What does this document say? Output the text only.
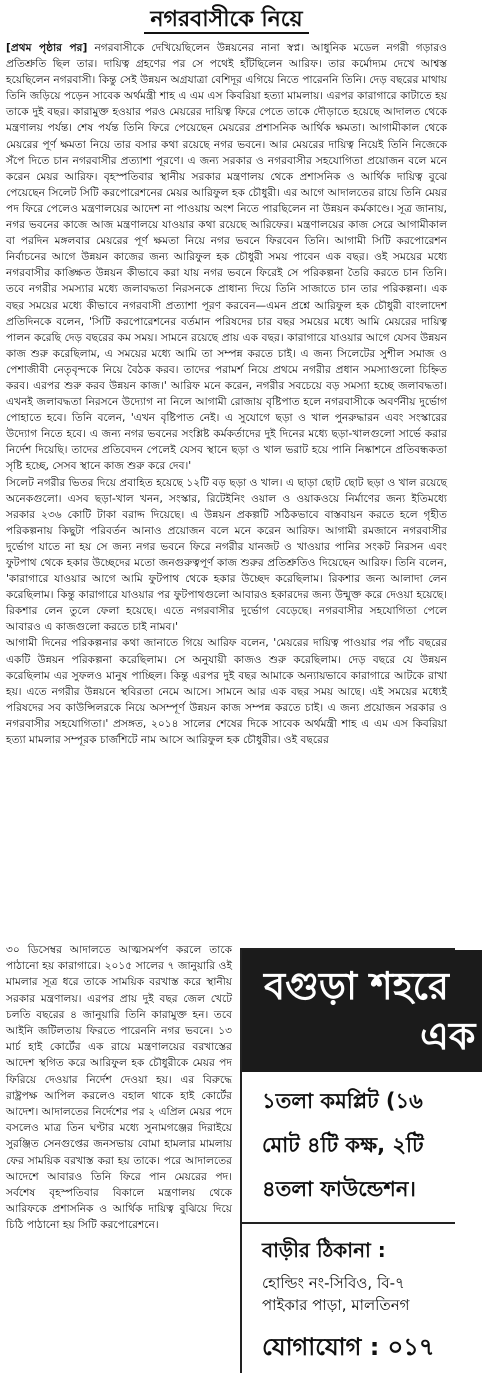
নগরবাসীকে নিয়ে

[প্রথম পৃষ্ঠার পর] নগরবাসীকে দেখিয়েছিলেন উন্নয়নের নানা স্বপ্ন। আধুনিক মডেল নগরী গড়ারও প্রতিশ্রুতি ছিল তার। দায়িত্ব গ্রহণের পর সে পথেই হাঁটছিলেন আরিফ। তার কর্মোদ্যম দেখে আশ্বস্ত হয়েছিলেন নগরবাসী। কিন্তু সেই উন্নয়ন অগ্রযাত্রা বেশিদূর এগিয়ে নিতে পারেননি তিনি। দেড় বছরের মাথায় তিনি জড়িয়ে পড়েন সাবেক অর্থমন্ত্রী শাহ এ এম এস কিবরিয়া হত্যা মামলায়। এরপর কারাগারে কাটাতে হয় তাকে দুই বছর। কারামুক্ত হওয়ার পরও মেয়রের দায়িত্ব ফিরে পেতে তাকে দৌড়াতে হয়েছে আদালত থেকে মন্ত্রণালয় পর্যন্ত। শেষ পর্যন্ত তিনি ফিরে পেয়েছেন মেয়রের প্রশাসনিক আর্থিক ক্ষমতা। আগামীকাল থেকে মেয়রের পূর্ণ ক্ষমতা নিয়ে তার বসার কথা রয়েছে নগর ভবনে। আর মেয়রের দায়িত্ব নিয়েই তিনি নিজেকে সঁপে দিতে চান নগরবাসীর প্রত্যাশা পূরণে। এ জন্য সরকার ও নগরবাসীর সহযোগিতা প্রয়োজন বলে মনে করেন মেয়র আরিফ। বৃহস্পতিবার স্থানীয় সরকার মন্ত্রণালয় থেকে প্রশাসনিক ও আর্থিক দায়িত্ব বুঝে পেয়েছেন সিলেট সিটি করপোরেশনের মেয়র আরিফুল হক চৌধুরী। এর আগে আদালতের রায়ে তিনি মেয়র পদ ফিরে পেলেও মন্ত্রণালয়ের আদেশ না পাওয়ায় অংশ নিতে পারছিলেন না উন্নয়ন কর্মকাণ্ডে। সূত্র জানায়, নগর ভবনের কাজে আজ মন্ত্রণালয়ে যাওয়ার কথা রয়েছে আরিফের। মন্ত্রণালয়ের কাজ সেরে আগামীকাল বা পরদিন মঙ্গলবার মেয়রের পূর্ণ ক্ষমতা নিয়ে নগর ভবনে ফিরবেন তিনি। আগামী সিটি করপোরেশন নির্বাচনের আগে উন্নয়ন কাজের জন্য আরিফুল হক চৌধুরী সময় পাবেন এক বছর। ওই সময়ের মধ্যে নগরবাসীর কাঙ্ক্ষিত উন্নয়ন কীভাবে করা যায় নগর ভবনে ফিরেই সে পরিকল্পনা তৈরি করতে চান তিনি। তবে নগরীর সমস্যার মধ্যে জলাবদ্ধতা নিরসনকে প্রাধান্য দিয়ে তিনি সাজাতে চান তার পরিকল্পনা। এক বছর সময়ের মধ্যে কীভাবে নগরবাসী প্রত্যাশা পূরণ করবেন—এমন প্রশ্নে আরিফুল হক চৌধুরী বাংলাদেশ প্রতিদিনকে বলেন, 'সিটি করপোরেশনের বর্তমান পরিষদের চার বছর সময়ের মধ্যে আমি মেয়রের দায়িত্ব পালন করেছি দেড় বছরের কম সময়। সামনে রয়েছে প্রায় এক বছর। কারাগারে যাওয়ার আগে যেসব উন্নয়ন কাজ শুরু করেছিলাম, এ সময়ের মধ্যে আমি তা সম্পন্ন করতে চাই। এ জন্য সিলেটের সুশীল সমাজ ও পেশাজীবী নেতৃবৃন্দকে নিয়ে বৈঠক করব। তাদের পরামর্শ নিয়ে প্রথমে নগরীর প্রধান সমস্যাগুলো চিহ্নিত করব। এরপর শুরু করব উন্নয়ন কাজ।' আরিফ মনে করেন, নগরীর সবচেয়ে বড় সমস্যা হচ্ছে জলাবদ্ধতা। এখনই জলাবদ্ধতা নিরসনে উদ্যোগ না নিলে আগামী রোজায় বৃষ্টিপাত হলে নগরবাসীকে অবর্ণনীয় দুর্ভোগ পোহাতে হবে। তিনি বলেন, 'এখন বৃষ্টিপাত নেই। এ সুযোগে ছড়া ও খাল পুনরুদ্ধারন এবং সংস্কারের উদ্যোগ নিতে হবে। এ জন্য নগর ভবনের সংশ্লিষ্ট কর্মকর্তাদের দুই দিনের মধ্যে ছড়া-খালগুলো সার্ভে করার নির্দেশ দিয়েছি। তাদের প্রতিবেদন পেলেই যেসব স্থানে ছড়া ও খাল ভরাট হয়ে পানি নিষ্কাশনে প্রতিবন্ধকতা সৃষ্টি হচ্ছে, সেসব স্থানে কাজ শুরু করে দেব।'

সিলেট নগরীর ভিতর দিয়ে প্রবাহিত হয়েছে ১২টি বড় ছড়া ও খাল। এ ছাড়া ছোট ছোট ছড়া ও খাল রয়েছে অনেকগুলো। এসব ছড়া-খাল খনন, সংস্কার, রিটেইনিং ওয়াল ও ওয়াকওয়ে নির্মাণের জন্য ইতিমধ্যে সরকার ২৩৬ কোটি টাকা বরাদ্দ দিয়েছে। এ উন্নয়ন প্রকল্পটি সঠিকভাবে বাস্তবায়ন করতে হলে গৃহীত পরিকল্পনায় কিছুটা পরিবর্তন আনাও প্রয়োজন বলে মনে করেন আরিফ। আগামী রমজানে নগরবাসীর দুর্ভোগ যাতে না হয় সে জন্য নগর ভবনে ফিরে নগরীর যানজট ও খাওয়ার পানির সংকট নিরসন এবং ফুটপাথ থেকে হকার উচ্ছেদের মতো জনগুরুত্বপূর্ণ কাজ শুরুর প্রতিশ্রুতিও দিয়েছেন আরিফ। তিনি বলেন, 'কারাগারে যাওয়ার আগে আমি ফুটপাথ থেকে হকার উচ্ছেদ করেছিলাম। রিকশার জন্য আলাদা লেন করেছিলাম। কিন্তু কারাগারে যাওয়ার পর ফুটপাথগুলো আবারও হকারদের জন্য উন্মুক্ত করে দেওয়া হয়েছে। রিকশার লেন তুলে ফেলা হয়েছে। এতে নগরবাসীর দুর্ভোগ বেড়েছে। নগরবাসীর সহযোগিতা পেলে আবারও এ কাজগুলো করতে চাই নামব।'

আগামী দিনের পরিকল্পনার কথা জানাতে গিয়ে আরিফ বলেন, 'মেয়রের দায়িত্ব পাওয়ার পর পাঁচ বছরের একটি উন্নয়ন পরিকল্পনা করেছিলাম। সে অনুযায়ী কাজও শুরু করেছিলাম। দেড় বছরে যে উন্নয়ন করেছিলাম এর সুফলও মানুষ পাচ্ছিল। কিন্তু এরপর দুই বছর আমাকে অন্যায়ভাবে কারাগারে আটকে রাখা হয়। এতে নগরীর উন্নয়নে স্থবিরতা নেমে আসে। সামনে আর এক বছর সময় আছে। এই সময়ের মধ্যেই পরিষদের সব কাউন্সিলরকে নিয়ে অসম্পূর্ণ উন্নয়ন কাজ সম্পন্ন করতে চাই। এ জন্য প্রয়োজন সরকার ও নগরবাসীর সহযোগিতা।' প্রসঙ্গত, ২০১৪ সালের শেষের দিকে সাবেক অর্থমন্ত্রী শাহ এ এম এস কিবরিয়া হত্যা মামলার সম্পূরক চার্জশিটে নাম আসে আরিফুল হক চৌধুরীর। ওই বছরের

৩০ ডিসেম্বর আদালতে আত্মসমর্পণ করলে তাকে পাঠানো হয় কারাগারে। ২০১৫ সালের ৭ জানুয়ারি ওই মামলার সূত্র ধরে তাকে সাময়িক বরখাস্ত করে স্থানীয় সরকার মন্ত্রণালয়। এরপর প্রায় দুই বছর জেল খেটে চলতি বছরের ৪ জানুয়ারি তিনি কারামুক্ত হন। তবে আইনি জটিলতায় ফিরতে পারেননি নগর ভবনে। ১৩ মার্চ হাই কোর্টের এক রায়ে মন্ত্রণালয়ের বরখাস্তের আদেশ স্থগিত করে আরিফুল হক চৌধুরীকে মেয়র পদ ফিরিয়ে দেওয়ার নির্দেশ দেওয়া হয়। এর বিরুদ্ধে রাষ্ট্রপক্ষ আপিল করলেও বহাল থাকে হাই কোর্টের আদেশ। আদালতের নির্দেশের পর ২ এপ্রিল মেয়র পদে বসলেও মাত্র তিন ঘণ্টার মধ্যে সুনামগঞ্জের দিরাইয়ে সুরঞ্জিত সেনগুপ্তের জনসভায় বোমা হামলার মামলায় ফের সাময়িক বরখাস্ত করা হয় তাকে। পরে আদালতের আদেশে আবারও তিনি ফিরে পান মেয়রের পদ। সর্বশেষ বৃহস্পতিবার বিকালে মন্ত্রণালয় থেকে আরিফকে প্রশাসনিক ও আর্থিক দায়িত্ব বুঝিয়ে দিয়ে চিঠি পাঠানো হয় সিটি করপোরেশনে।

বগুড়া শহরে
এক
১তলা কমপ্লিট (১৬
মোট ৪টি কক্ষ, ২টি
৪তলা ফাউন্ডেশন।
বাড়ীর ঠিকানা :
হোল্ডিং নং-সিবিও, বি-৭
পাইকার পাড়া, মালতিনগ
যোগাযোগ : ০১৭
